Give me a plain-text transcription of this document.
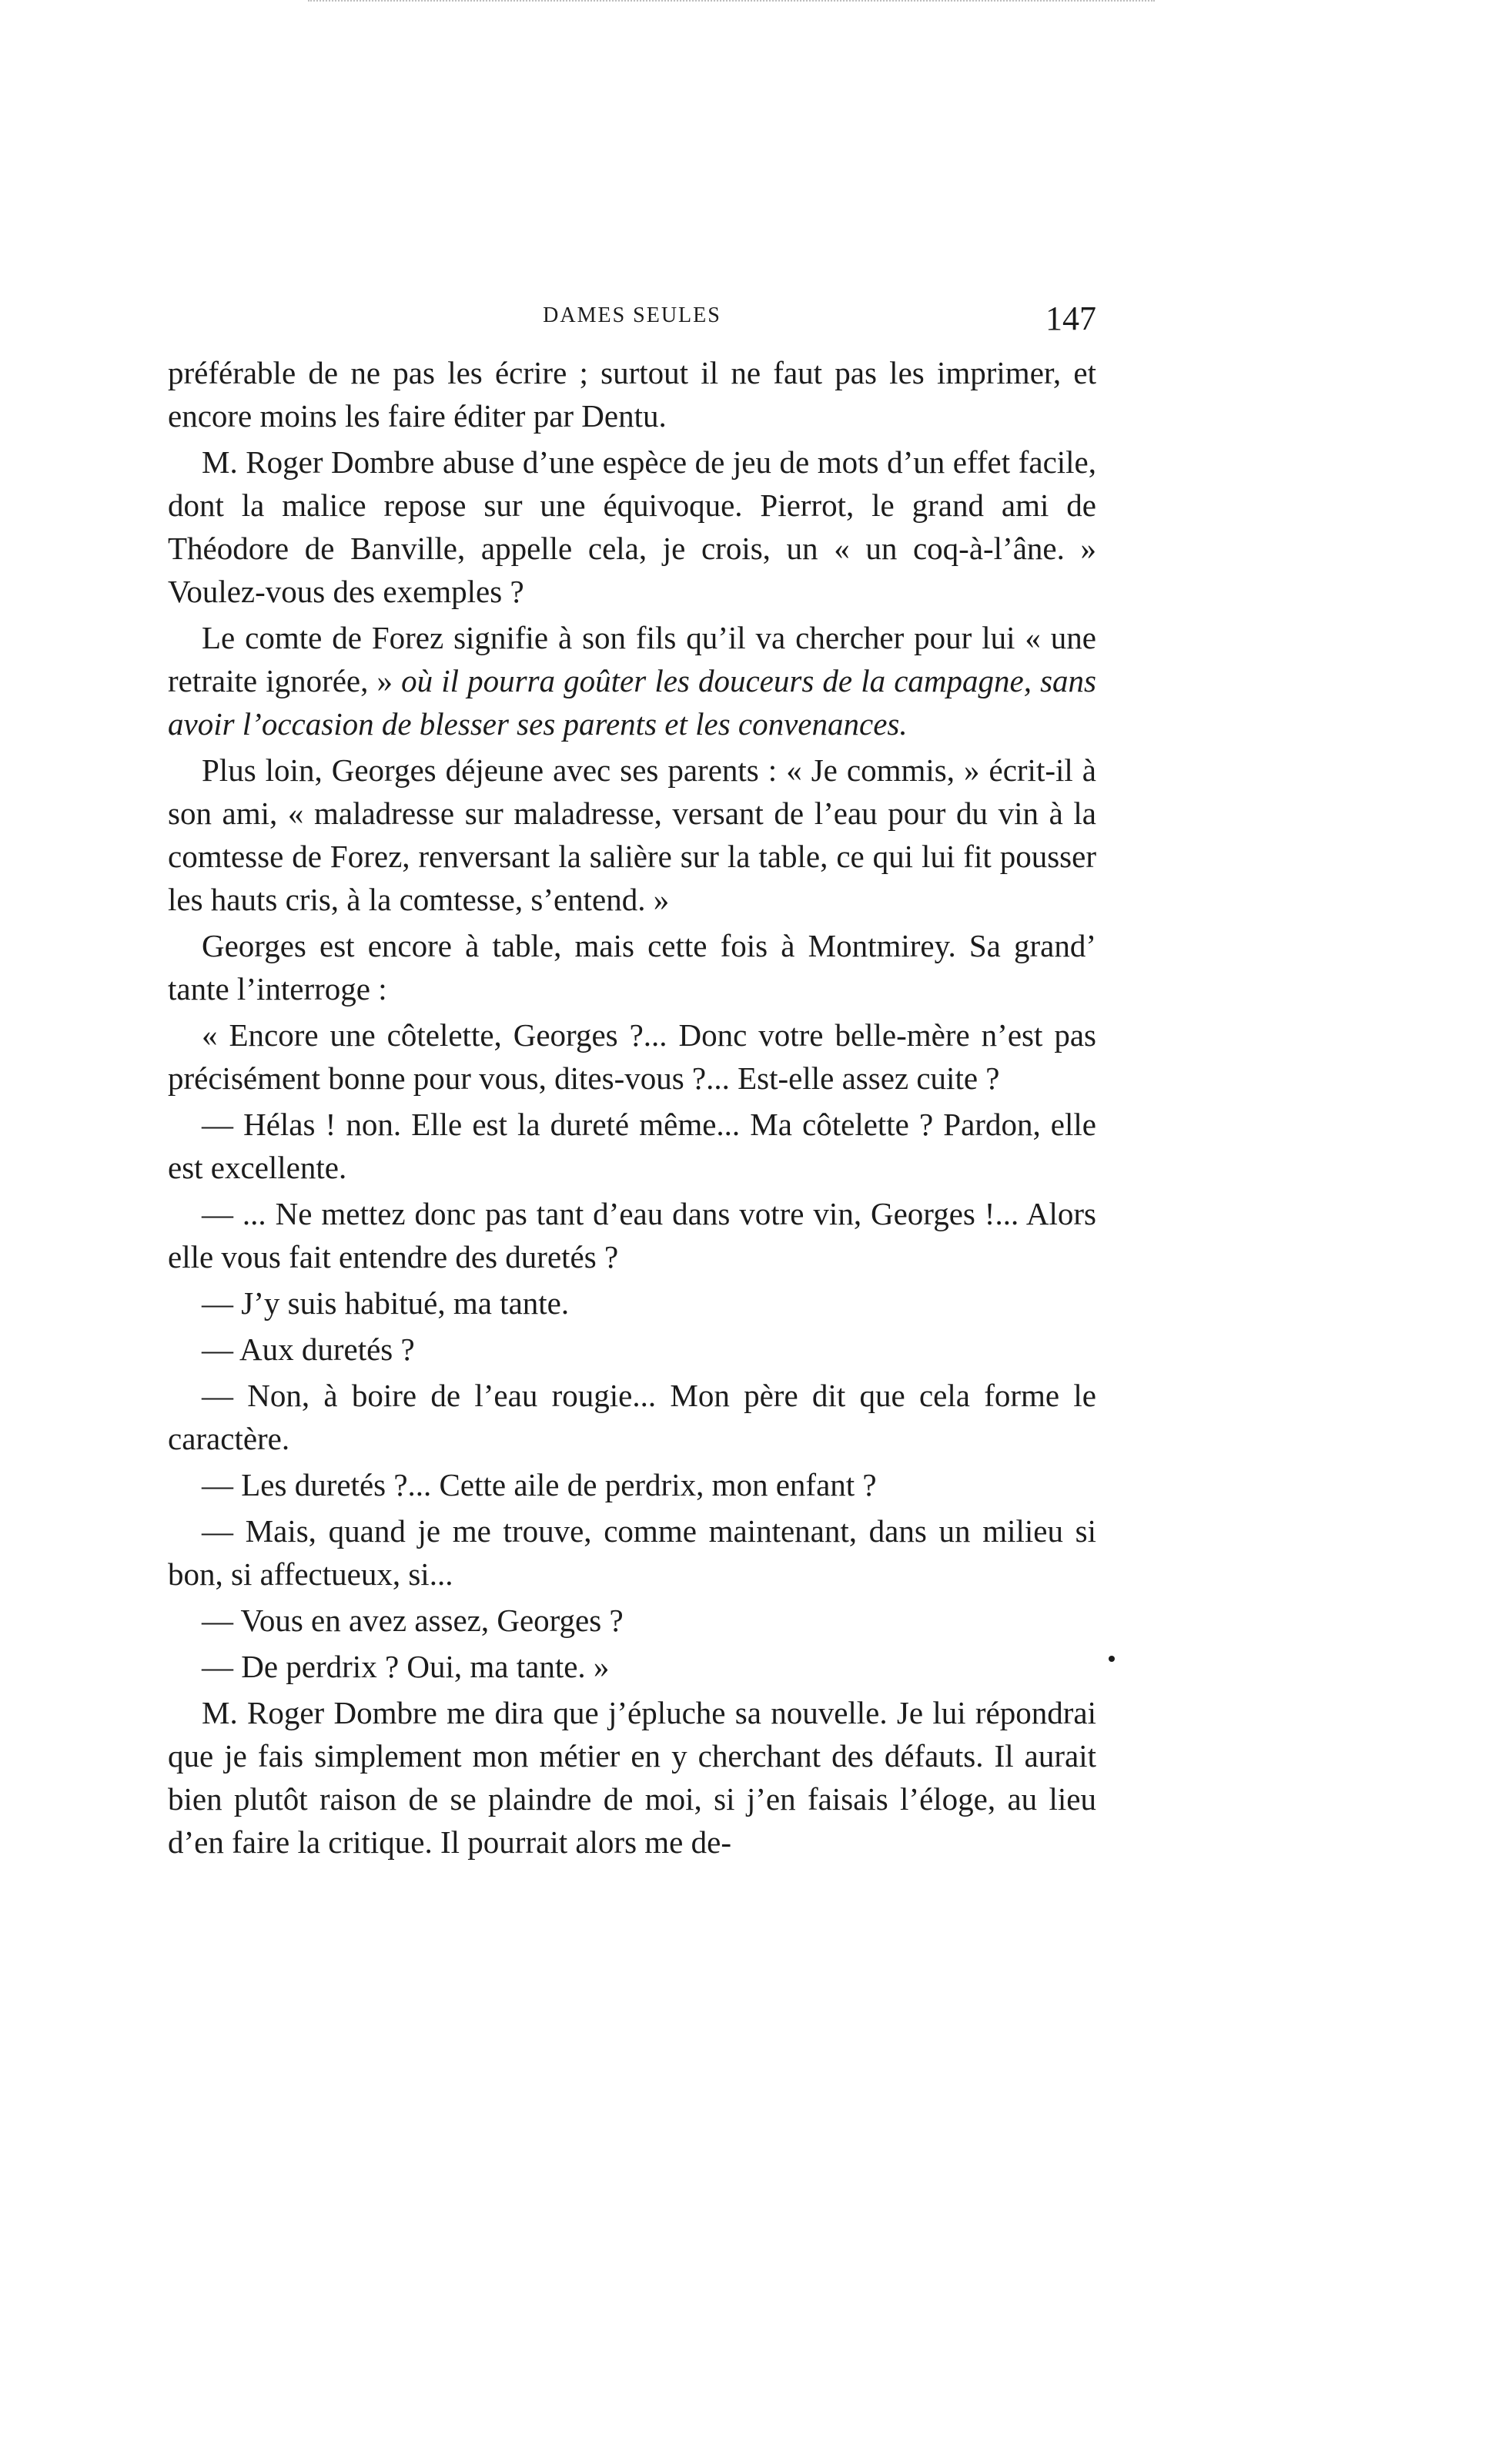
DAMES SEULES	147

préférable de ne pas les écrire ; surtout il ne faut pas les imprimer, et encore moins les faire éditer par Dentu.

M. Roger Dombre abuse d’une espèce de jeu de mots d’un effet facile, dont la malice repose sur une équivoque. Pierrot, le grand ami de Théodore de Banville, appelle cela, je crois, un « un coq-à-l’âne. » Voulez-vous des exemples ?

Le comte de Forez signifie à son fils qu’il va chercher pour lui « une retraite ignorée, » où il pourra goûter les douceurs de la campagne, sans avoir l’occasion de blesser ses parents et les convenances.

Plus loin, Georges déjeune avec ses parents : « Je commis, » écrit-il à son ami, « maladresse sur maladresse, versant de l’eau pour du vin à la comtesse de Forez, renversant la salière sur la table, ce qui lui fit pousser les hauts cris, à la comtesse, s’entend. »

Georges est encore à table, mais cette fois à Montmirey. Sa grand’ tante l’interroge :

« Encore une côtelette, Georges ?... Donc votre belle-mère n’est pas précisément bonne pour vous, dites-vous ?... Est-elle assez cuite ?

— Hélas ! non. Elle est la dureté même... Ma côtelette ? Pardon, elle est excellente.

— ... Ne mettez donc pas tant d’eau dans votre vin, Georges !... Alors elle vous fait entendre des duretés ?

— J’y suis habitué, ma tante.

— Aux duretés ?

— Non, à boire de l’eau rougie... Mon père dit que cela forme le caractère.

— Les duretés ?... Cette aile de perdrix, mon enfant ?

— Mais, quand je me trouve, comme maintenant, dans un milieu si bon, si affectueux, si...

— Vous en avez assez, Georges ?

— De perdrix ? Oui, ma tante. »

M. Roger Dombre me dira que j’épluche sa nouvelle. Je lui répondrai que je fais simplement mon métier en y cherchant des défauts. Il aurait bien plutôt raison de se plaindre de moi, si j’en faisais l’éloge, au lieu d’en faire la critique. Il pourrait alors me de-
